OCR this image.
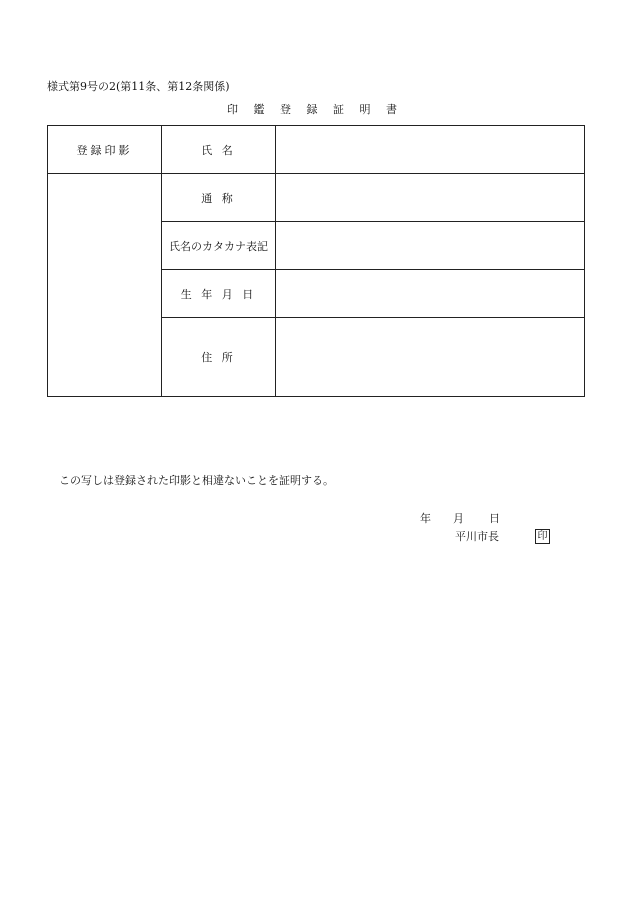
様式第9号の2(第11条、第12条関係)
印 鑑 登 録 証 明 書
登録印影	氏 名	
	通 称	
	氏名のカタカナ表記	
	生 年 月 日	
	住 所	
この写しは登録された印影と相違ないことを証明する。
年 月 日
平川市長	印
